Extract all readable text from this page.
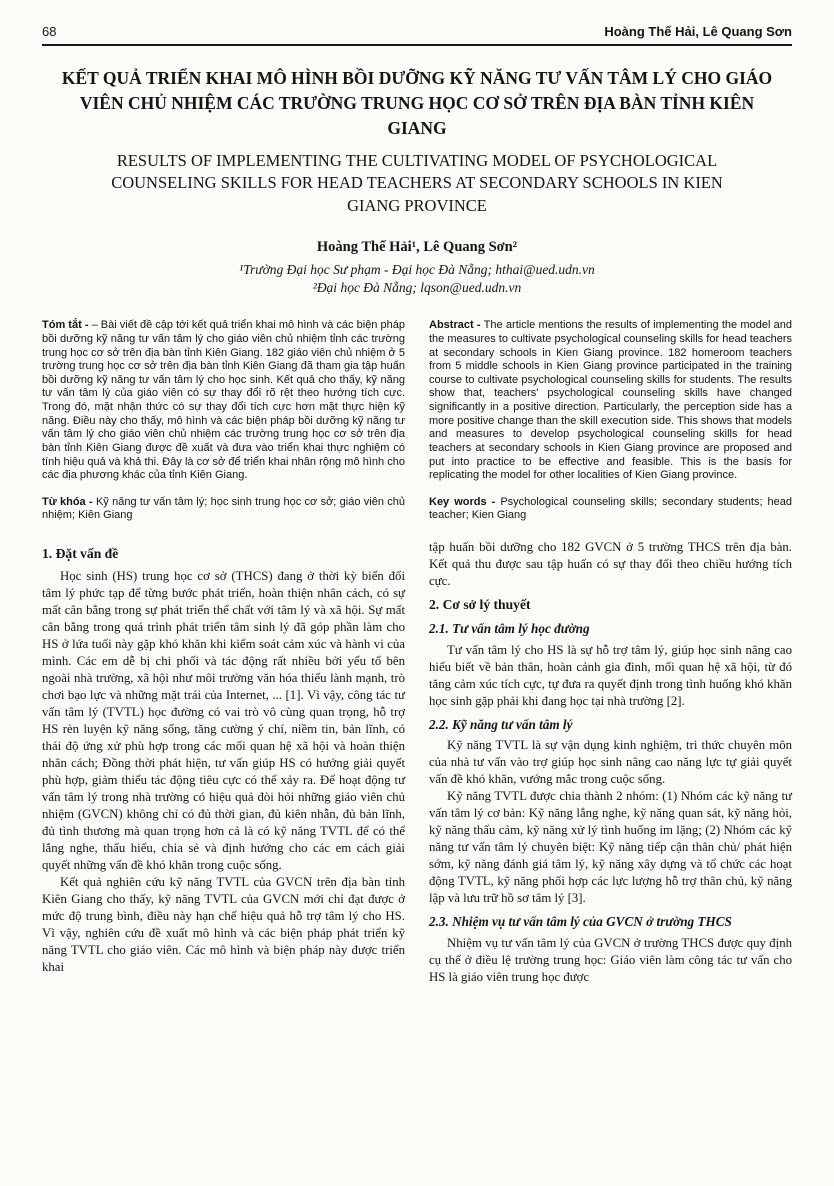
68	Hoàng Thế Hải, Lê Quang Sơn
KẾT QUẢ TRIỂN KHAI MÔ HÌNH BỒI DƯỠNG KỸ NĂNG TƯ VẤN TÂM LÝ CHO GIÁO VIÊN CHỦ NHIỆM CÁC TRƯỜNG TRUNG HỌC CƠ SỞ TRÊN ĐỊA BÀN TỈNH KIÊN GIANG
RESULTS OF IMPLEMENTING THE CULTIVATING MODEL OF PSYCHOLOGICAL COUNSELING SKILLS FOR HEAD TEACHERS AT SECONDARY SCHOOLS IN KIEN GIANG PROVINCE

Hoàng Thế Hải¹, Lê Quang Sơn²

¹Trường Đại học Sư phạm - Đại học Đà Nẵng; hthai@ued.udn.vn

²Đại học Đà Nẵng; lqson@ued.udn.vn

Tóm tắt - – Bài viết đề cập tới kết quả triển khai mô hình và các biện pháp bồi dưỡng kỹ năng tư vấn tâm lý cho giáo viên chủ nhiệm tỉnh các trường trung học cơ sở trên địa bàn tỉnh Kiên Giang. 182 giáo viên chủ nhiệm ở 5 trường trung học cơ sở trên địa bàn tỉnh Kiên Giang đã tham gia tập huấn bồi dưỡng kỹ năng tư vấn tâm lý cho học sinh. Kết quả cho thấy, kỹ năng tư vấn tâm lý của giáo viên có sự thay đổi rõ rệt theo hướng tích cực. Trong đó, mặt nhận thức có sự thay đổi tích cực hơn mặt thực hiện kỹ năng. Điều này cho thấy, mô hình và các biện pháp bồi dưỡng kỹ năng tư vấn tâm lý cho giáo viên chủ nhiệm các trường trung học cơ sở trên địa bàn tỉnh Kiên Giang được đề xuất và đưa vào triển khai thực nghiệm có tính hiệu quả và khả thi. Đây là cơ sở để triển khai nhân rộng mô hình cho các địa phương khác của tỉnh Kiên Giang.

Từ khóa - Kỹ năng tư vấn tâm lý; học sinh trung học cơ sở; giáo viên chủ nhiệm; Kiên Giang

Abstract - The article mentions the results of implementing the model and the measures to cultivate psychological counseling skills for head teachers at secondary schools in Kien Giang province. 182 homeroom teachers from 5 middle schools in Kien Giang province participated in the training course to cultivate psychological counseling skills for students. The results show that, teachers' psychological counseling skills have changed significantly in a positive direction. Particularly, the perception side has a more positive change than the skill execution side. This shows that models and measures to develop psychological counseling skills for head teachers at secondary schools in Kien Giang province are proposed and put into practice to be effective and feasible. This is the basis for replicating the model for other localities of Kien Giang province.

Key words - Psychological counseling skills; secondary students; head teacher; Kien Giang

1. Đặt vấn đề

Học sinh (HS) trung học cơ sở (THCS) đang ở thời kỳ biến đổi tâm lý phức tạp để từng bước phát triển, hoàn thiện nhân cách, có sự mất cân bằng trong sự phát triển thể chất với tâm lý và xã hội. Sự mất cân bằng trong quá trình phát triển tâm sinh lý đã góp phần làm cho HS ở lứa tuổi này gặp khó khăn khi kiểm soát cảm xúc và hành vi của mình. Các em dễ bị chi phối và tác động rất nhiều bởi yếu tố bên ngoài nhà trường, xã hội như môi trường văn hóa thiếu lành mạnh, trò chơi bạo lực và những mặt trái của Internet, ... [1]. Vì vậy, công tác tư vấn tâm lý (TVTL) học đường có vai trò vô cùng quan trọng, hỗ trợ HS rèn luyện kỹ năng sống, tăng cường ý chí, niềm tin, bản lĩnh, có thái độ ứng xử phù hợp trong các mối quan hệ xã hội và hoàn thiện nhân cách; Đồng thời phát hiện, tư vấn giúp HS có hướng giải quyết phù hợp, giảm thiểu tác động tiêu cực có thể xảy ra. Để hoạt động tư vấn tâm lý trong nhà trường có hiệu quả đòi hỏi những giáo viên chủ nhiệm (GVCN) không chỉ có đủ thời gian, đủ kiên nhẫn, đủ bản lĩnh, đủ tình thương mà quan trọng hơn cả là có kỹ năng TVTL để có thể lắng nghe, thấu hiểu, chia sẻ và định hướng cho các em cách giải quyết những vấn đề khó khăn trong cuộc sống.

Kết quả nghiên cứu kỹ năng TVTL của GVCN trên địa bàn tỉnh Kiên Giang cho thấy, kỹ năng TVTL của GVCN mới chỉ đạt được ở mức độ trung bình, điều này hạn chế hiệu quả hỗ trợ tâm lý cho HS. Vì vậy, nghiên cứu đề xuất mô hình và các biện pháp phát triển kỹ năng TVTL cho giáo viên. Các mô hình và biện pháp này được triển khai

tập huấn bồi dưỡng cho 182 GVCN ở 5 trường THCS trên địa bàn. Kết quả thu được sau tập huấn có sự thay đổi theo chiều hướng tích cực.

2. Cơ sở lý thuyết
2.1. Tư vấn tâm lý học đường

Tư vấn tâm lý cho HS là sự hỗ trợ tâm lý, giúp học sinh nâng cao hiểu biết về bản thân, hoàn cảnh gia đình, mối quan hệ xã hội, từ đó tăng cảm xúc tích cực, tự đưa ra quyết định trong tình huống khó khăn học sinh gặp phải khi đang học tại nhà trường [2].

2.2. Kỹ năng tư vấn tâm lý

Kỹ năng TVTL là sự vận dụng kinh nghiệm, tri thức chuyên môn của nhà tư vấn vào trợ giúp học sinh nâng cao năng lực tự giải quyết vấn đề khó khăn, vướng mắc trong cuộc sống.

Kỹ năng TVTL được chia thành 2 nhóm: (1) Nhóm các kỹ năng tư vấn tâm lý cơ bản: Kỹ năng lắng nghe, kỹ năng quan sát, kỹ năng hỏi, kỹ năng thấu cảm, kỹ năng xử lý tình huống im lặng; (2) Nhóm các kỹ năng tư vấn tâm lý chuyên biệt: Kỹ năng tiếp cận thân chủ/ phát hiện sớm, kỹ năng đánh giá tâm lý, kỹ năng xây dựng và tổ chức các hoạt động TVTL, kỹ năng phối hợp các lực lượng hỗ trợ thân chủ, kỹ năng lập và lưu trữ hồ sơ tâm lý [3].

2.3. Nhiệm vụ tư vấn tâm lý của GVCN ở trường THCS

Nhiệm vụ tư vấn tâm lý của GVCN ở trường THCS được quy định cụ thể ở điều lệ trường trung học: Giáo viên làm công tác tư vấn cho HS là giáo viên trung học được
